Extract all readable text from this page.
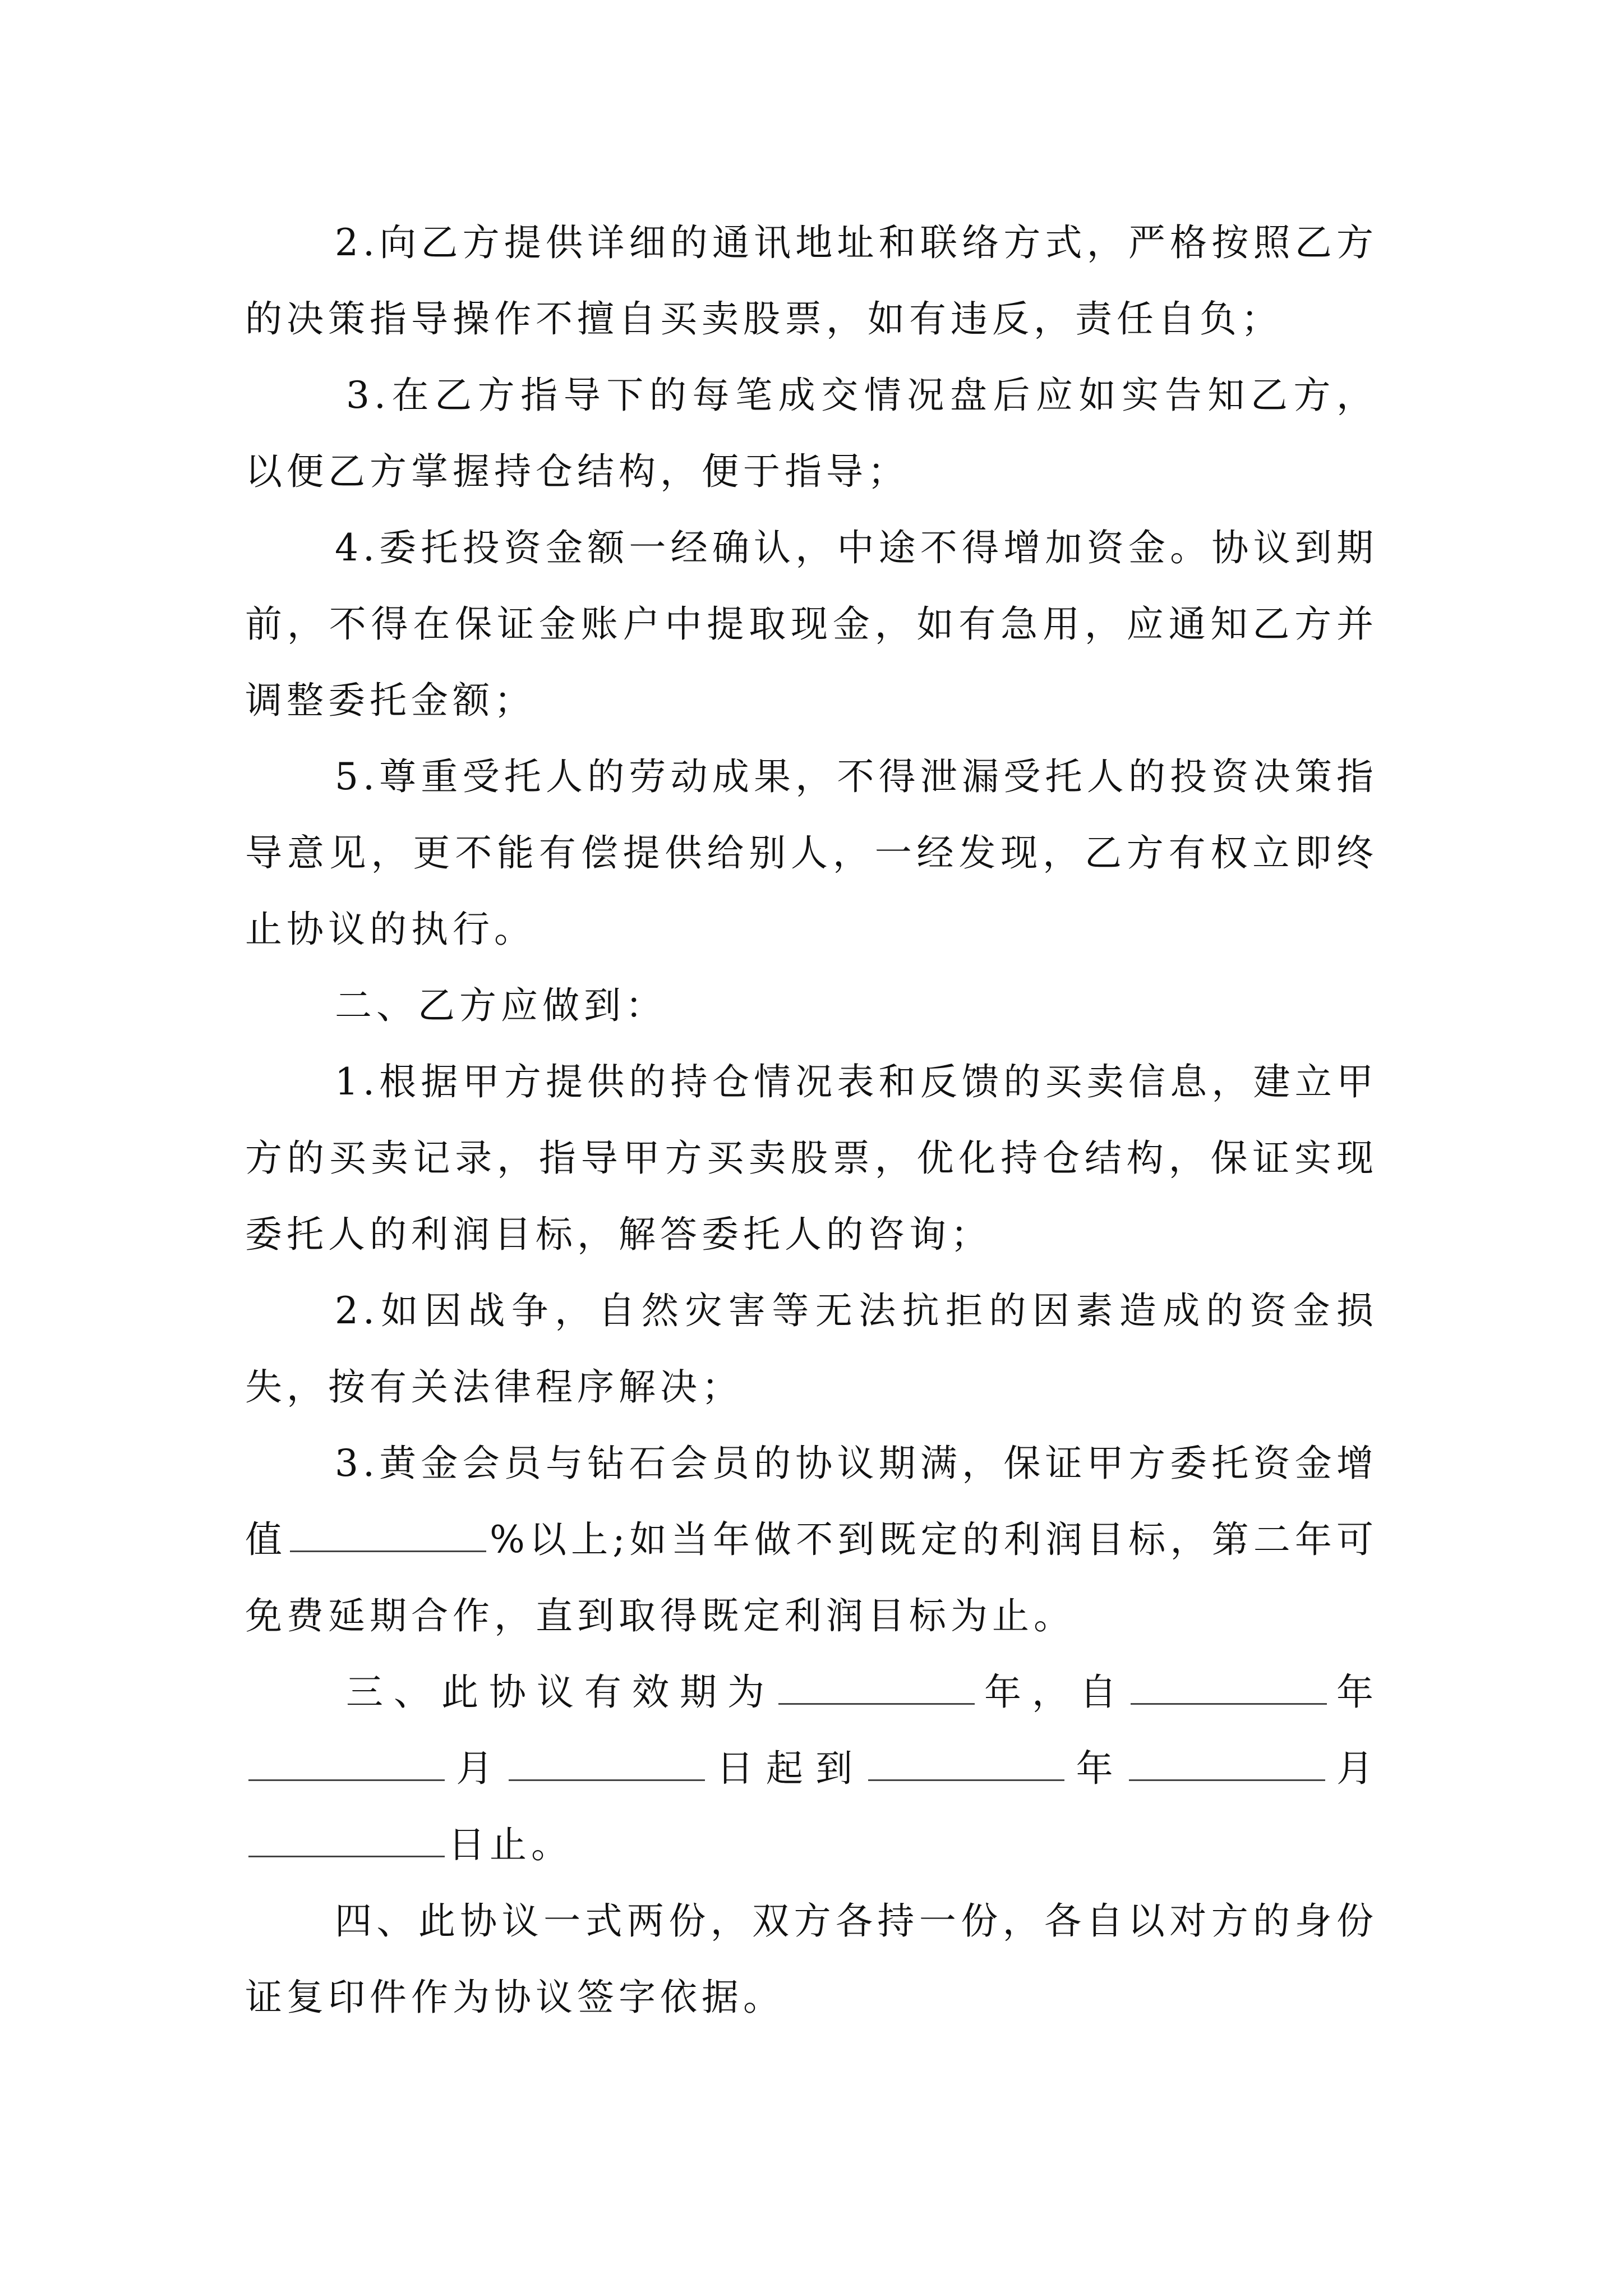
2.向乙方提供详细的通讯地址和联络方式，严格按照乙方的决策指导操作不擅自买卖股票，如有违反，责任自负；

3.在乙方指导下的每笔成交情况盘后应如实告知乙方，以便乙方掌握持仓结构，便于指导；

4.委托投资金额一经确认，中途不得增加资金。协议到期前，不得在保证金账户中提取现金，如有急用，应通知乙方并调整委托金额；

5.尊重受托人的劳动成果，不得泄漏受托人的投资决策指导意见，更不能有偿提供给别人，一经发现，乙方有权立即终止协议的执行。

二、乙方应做到：

1.根据甲方提供的持仓情况表和反馈的买卖信息，建立甲方的买卖记录，指导甲方买卖股票，优化持仓结构，保证实现委托人的利润目标，解答委托人的咨询；

2.如因战争，自然灾害等无法抗拒的因素造成的资金损失，按有关法律程序解决；

3.黄金会员与钻石会员的协议期满，保证甲方委托资金增值	%以上;如当年做不到既定的利润目标，第二年可免费延期合作，直到取得既定利润目标为止。

三、此协议有效期为	年，自	年月	日起到	年	月日止。

四、此协议一式两份，双方各持一份，各自以对方的身份证复印件作为协议签字依据。
